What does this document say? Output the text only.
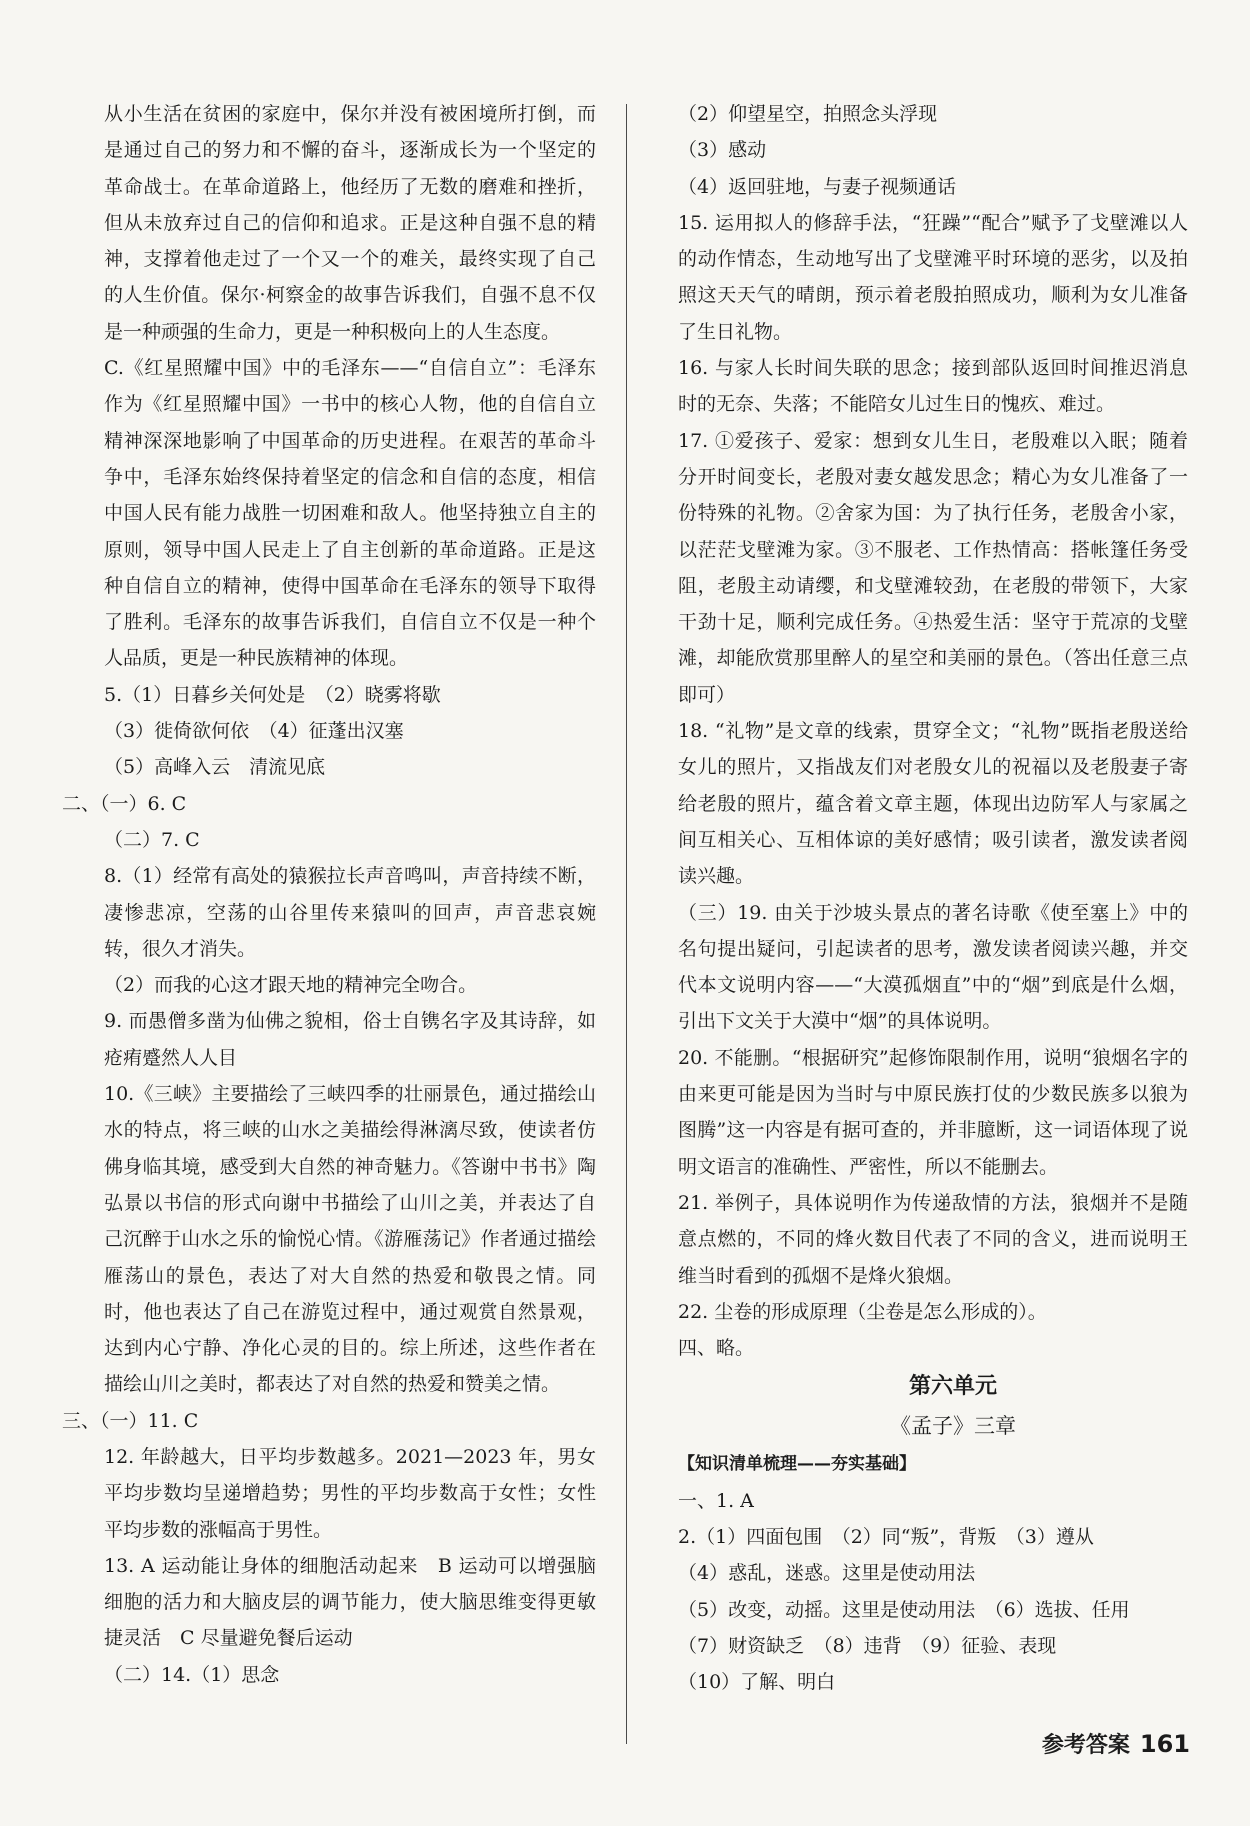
从小生活在贫困的家庭中，保尔并没有被困境所打倒，而是通过自己的努力和不懈的奋斗，逐渐成长为一个坚定的革命战士。在革命道路上，他经历了无数的磨难和挫折，但从未放弃过自己的信仰和追求。正是这种自强不息的精神，支撑着他走过了一个又一个的难关，最终实现了自己的人生价值。保尔·柯察金的故事告诉我们，自强不息不仅是一种顽强的生命力，更是一种积极向上的人生态度。

C.《红星照耀中国》中的毛泽东——“自信自立”：毛泽东作为《红星照耀中国》一书中的核心人物，他的自信自立精神深深地影响了中国革命的历史进程。在艰苦的革命斗争中，毛泽东始终保持着坚定的信念和自信的态度，相信中国人民有能力战胜一切困难和敌人。他坚持独立自主的原则，领导中国人民走上了自主创新的革命道路。正是这种自信自立的精神，使得中国革命在毛泽东的领导下取得了胜利。毛泽东的故事告诉我们，自信自立不仅是一种个人品质，更是一种民族精神的体现。

5.（1）日暮乡关何处是　（2）晓雾将歇

（3）徙倚欲何依　（4）征蓬出汉塞

（5）高峰入云　清流见底

二、（一）6. C

（二）7. C

8.（1）经常有高处的猿猴拉长声音鸣叫，声音持续不断，凄惨悲凉，空荡的山谷里传来猿叫的回声，声音悲哀婉转，很久才消失。

（2）而我的心这才跟天地的精神完全吻合。

9. 而愚僧多凿为仙佛之貌相，俗士自镌名字及其诗辞，如疮痏蹙然人人目

10.《三峡》主要描绘了三峡四季的壮丽景色，通过描绘山水的特点，将三峡的山水之美描绘得淋漓尽致，使读者仿佛身临其境，感受到大自然的神奇魅力。《答谢中书书》陶弘景以书信的形式向谢中书描绘了山川之美，并表达了自己沉醉于山水之乐的愉悦心情。《游雁荡记》作者通过描绘雁荡山的景色，表达了对大自然的热爱和敬畏之情。同时，他也表达了自己在游览过程中，通过观赏自然景观，达到内心宁静、净化心灵的目的。综上所述，这些作者在描绘山川之美时，都表达了对自然的热爱和赞美之情。

三、（一）11. C

12. 年龄越大，日平均步数越多。2021—2023 年，男女平均步数均呈递增趋势；男性的平均步数高于女性；女性平均步数的涨幅高于男性。

13. A 运动能让身体的细胞活动起来　B 运动可以增强脑细胞的活力和大脑皮层的调节能力，使大脑思维变得更敏捷灵活　C 尽量避免餐后运动

（二）14.（1）思念

（2）仰望星空，拍照念头浮现

（3）感动

（4）返回驻地，与妻子视频通话

15. 运用拟人的修辞手法，“狂躁”“配合”赋予了戈壁滩以人的动作情态，生动地写出了戈壁滩平时环境的恶劣，以及拍照这天天气的晴朗，预示着老殷拍照成功，顺利为女儿准备了生日礼物。

16. 与家人长时间失联的思念；接到部队返回时间推迟消息时的无奈、失落；不能陪女儿过生日的愧疚、难过。

17. ①爱孩子、爱家：想到女儿生日，老殷难以入眠；随着分开时间变长，老殷对妻女越发思念；精心为女儿准备了一份特殊的礼物。②舍家为国：为了执行任务，老殷舍小家，以茫茫戈壁滩为家。③不服老、工作热情高：搭帐篷任务受阻，老殷主动请缨，和戈壁滩较劲，在老殷的带领下，大家干劲十足，顺利完成任务。④热爱生活：坚守于荒凉的戈壁滩，却能欣赏那里醉人的星空和美丽的景色。（答出任意三点即可）

18. “礼物”是文章的线索，贯穿全文；“礼物”既指老殷送给女儿的照片，又指战友们对老殷女儿的祝福以及老殷妻子寄给老殷的照片，蕴含着文章主题，体现出边防军人与家属之间互相关心、互相体谅的美好感情；吸引读者，激发读者阅读兴趣。

（三）19. 由关于沙坡头景点的著名诗歌《使至塞上》中的名句提出疑问，引起读者的思考，激发读者阅读兴趣，并交代本文说明内容——“大漠孤烟直”中的“烟”到底是什么烟，引出下文关于大漠中“烟”的具体说明。

20. 不能删。“根据研究”起修饰限制作用，说明“狼烟名字的由来更可能是因为当时与中原民族打仗的少数民族多以狼为图腾”这一内容是有据可查的，并非臆断，这一词语体现了说明文语言的准确性、严密性，所以不能删去。

21. 举例子，具体说明作为传递敌情的方法，狼烟并不是随意点燃的，不同的烽火数目代表了不同的含义，进而说明王维当时看到的孤烟不是烽火狼烟。

22. 尘卷的形成原理（尘卷是怎么形成的）。

四、略。

第六单元

《孟子》三章

【知识清单梳理——夯实基础】

一、1. A

2.（1）四面包围　（2）同“叛”，背叛　（3）遵从

（4）惑乱，迷惑。这里是使动用法

（5）改变，动摇。这里是使动用法　（6）选拔、任用

（7）财资缺乏　（8）违背　（9）征验、表现

（10）了解、明白

参考答案 161
